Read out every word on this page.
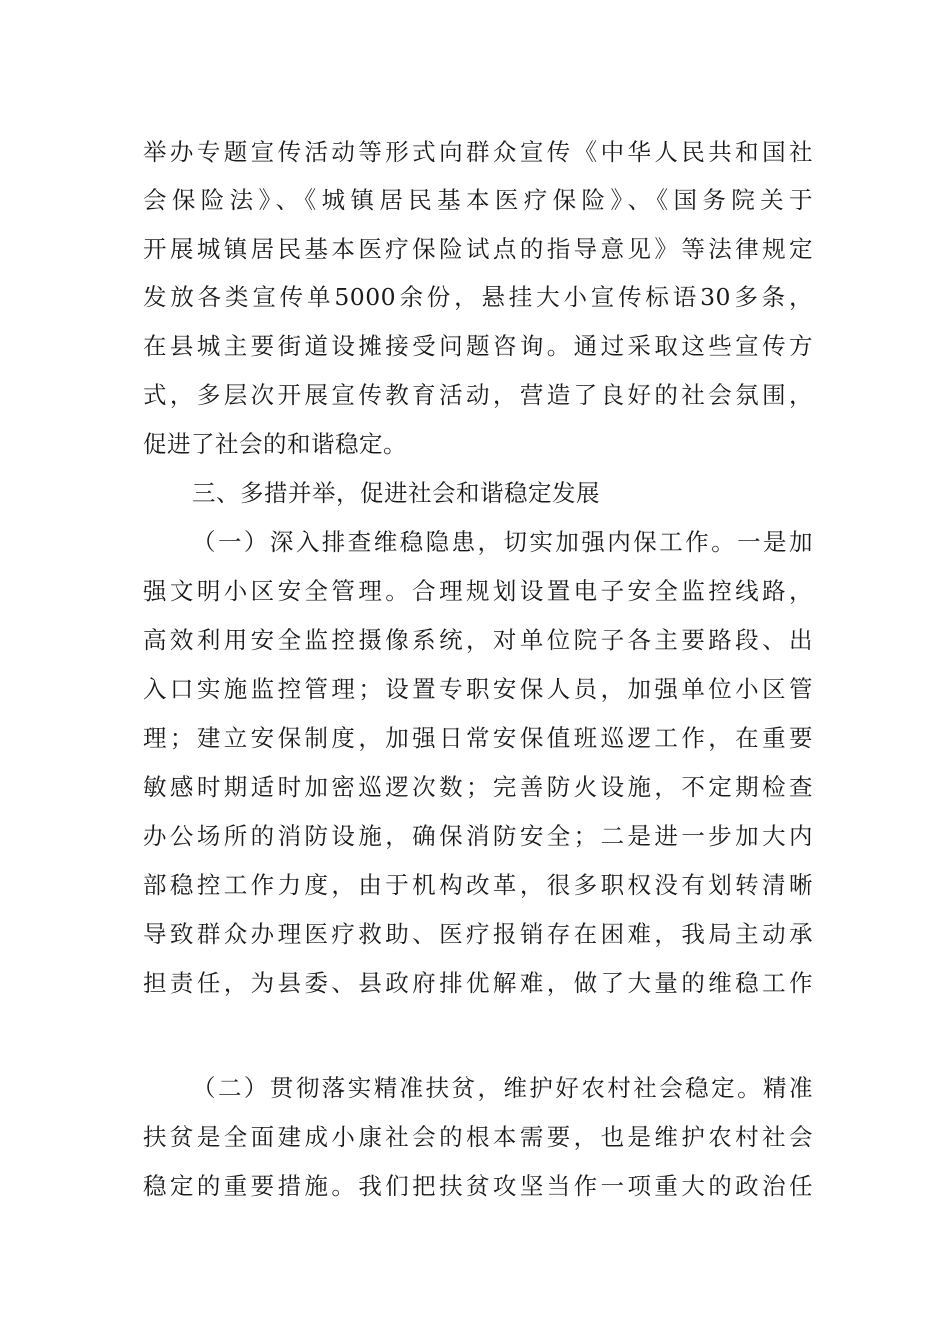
举办专题宣传活动等形式向群众宣传《中华人民共和国社
会保险法》、《城镇居民基本医疗保险》、《国务院关于
开展城镇居民基本医疗保险试点的指导意见》等法律规定
发放各类宣传单5000余份，悬挂大小宣传标语30多条，
在县城主要街道设摊接受问题咨询。通过采取这些宣传方
式，多层次开展宣传教育活动，营造了良好的社会氛围，
促进了社会的和谐稳定。
三、多措并举，促进社会和谐稳定发展
（一）深入排查维稳隐患，切实加强内保工作。一是加
强文明小区安全管理。合理规划设置电子安全监控线路，
高效利用安全监控摄像系统，对单位院子各主要路段、出
入口实施监控管理；设置专职安保人员，加强单位小区管
理；建立安保制度，加强日常安保值班巡逻工作，在重要
敏感时期适时加密巡逻次数；完善防火设施，不定期检查
办公场所的消防设施，确保消防安全；二是进一步加大内
部稳控工作力度，由于机构改革，很多职权没有划转清晰
导致群众办理医疗救助、医疗报销存在困难，我局主动承
担责任，为县委、县政府排优解难，做了大量的维稳工作
（二）贯彻落实精准扶贫，维护好农村社会稳定。精准
扶贫是全面建成小康社会的根本需要，也是维护农村社会
稳定的重要措施。我们把扶贫攻坚当作一项重大的政治任
